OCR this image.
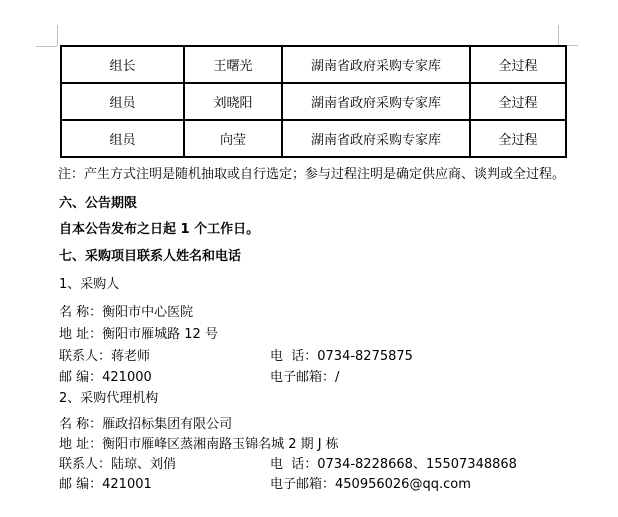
组长	王曙光	湖南省政府采购专家库	全过程
组员	刘晓阳	湖南省政府采购专家库	全过程
组员	向莹	湖南省政府采购专家库	全过程
注：产生方式注明是随机抽取或自行选定；参与过程注明是确定供应商、谈判或全过程。
六、公告期限
自本公告发布之日起 1 个工作日。
七、采购项目联系人姓名和电话
1、采购人
名 称：衡阳市中心医院
地 址：衡阳市雁城路 12 号
联系人：蒋老师	电  话：0734-8275875
邮 编：421000	电子邮箱：/
2、采购代理机构
名 称：雁政招标集团有限公司
地 址：衡阳市雁峰区蒸湘南路玉锦名城 2 期 J 栋
联系人：陆琼、刘俏	电  话：0734-8228668、15507348868
邮 编：421001	电子邮箱：450956026@qq.com
